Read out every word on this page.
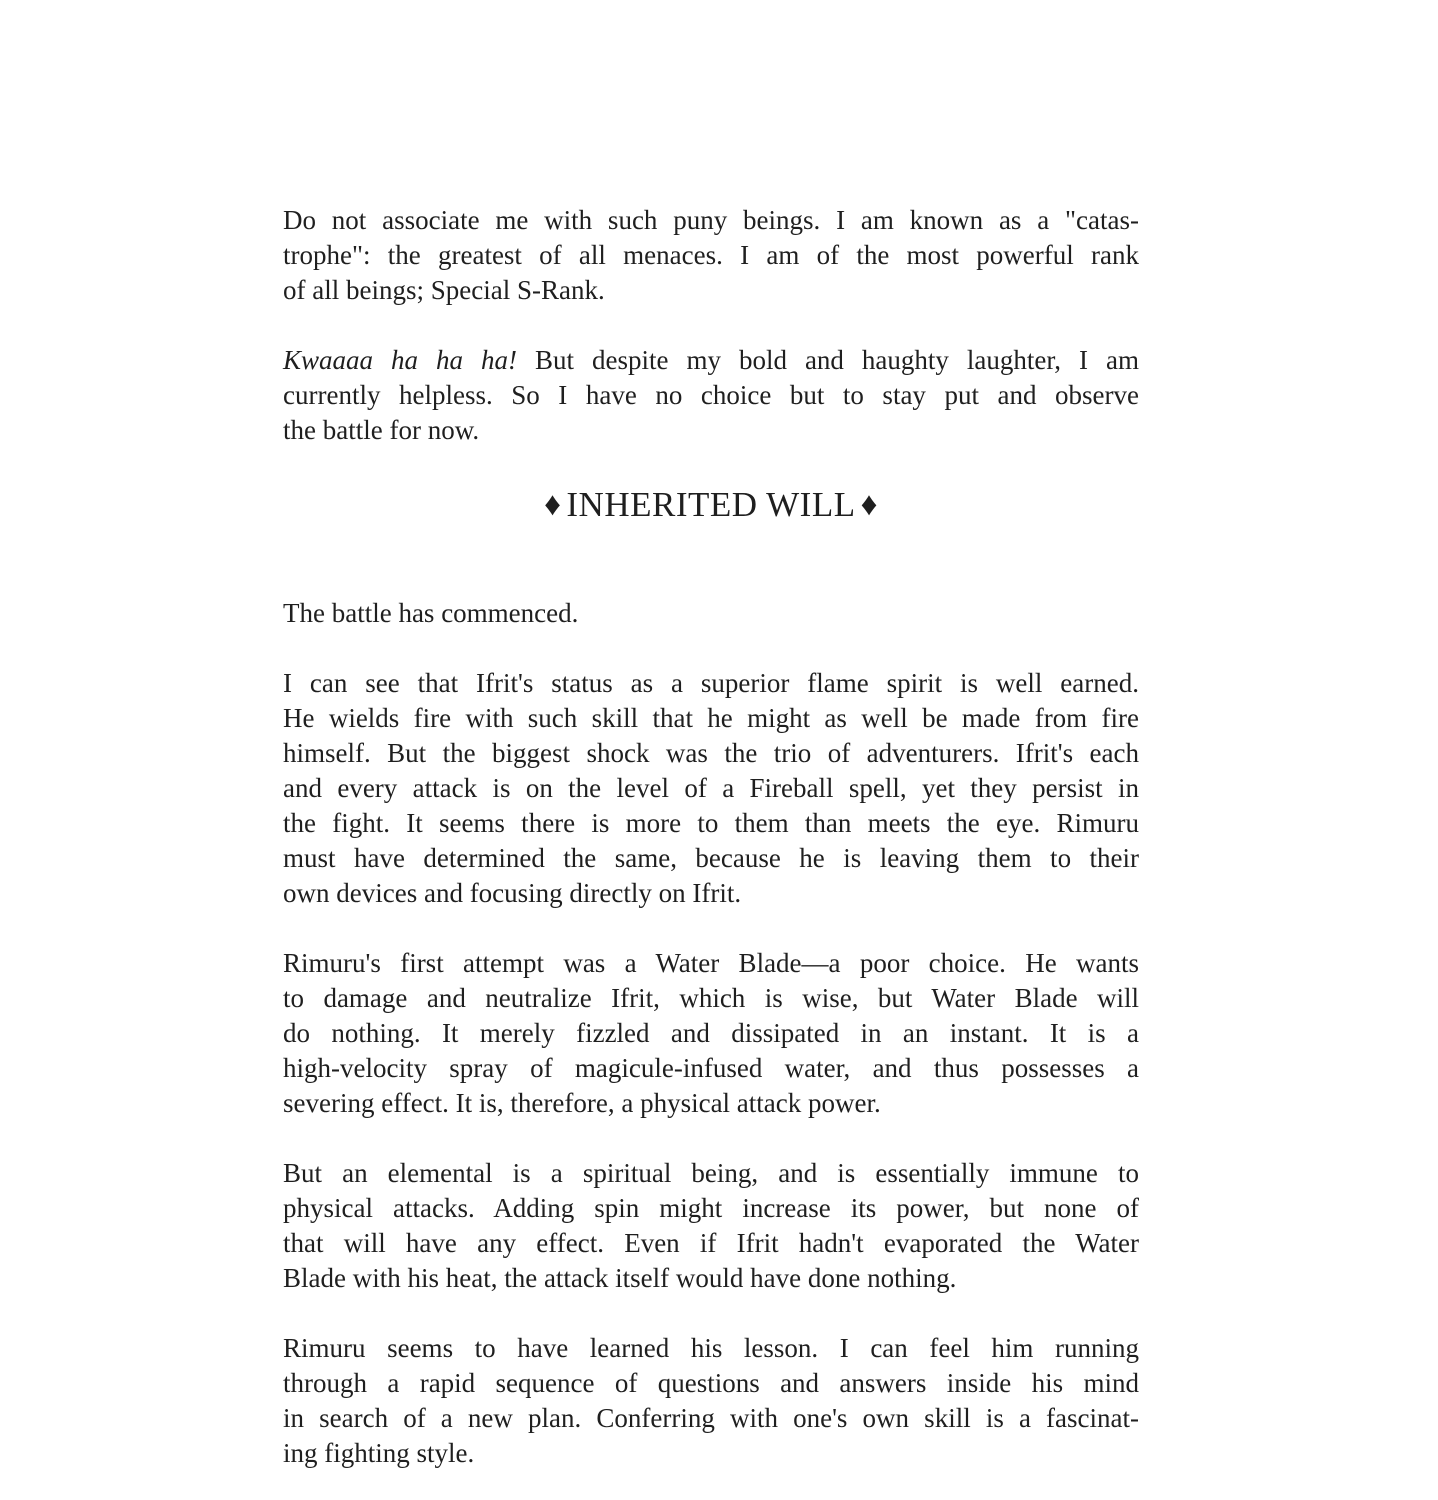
Do not associate me with such puny beings. I am known as a "catas-
trophe": the greatest of all menaces. I am of the most powerful rank
of all beings; Special S-Rank.

Kwaaaa ha ha ha! But despite my bold and haughty laughter, I am
currently helpless. So I have no choice but to stay put and observe
the battle for now.

♦ INHERITED WILL ♦

The battle has commenced.

I can see that Ifrit's status as a superior flame spirit is well earned.
He wields fire with such skill that he might as well be made from fire
himself. But the biggest shock was the trio of adventurers. Ifrit's each
and every attack is on the level of a Fireball spell, yet they persist in
the fight. It seems there is more to them than meets the eye. Rimuru
must have determined the same, because he is leaving them to their
own devices and focusing directly on Ifrit.

Rimuru's first attempt was a Water Blade—a poor choice. He wants
to damage and neutralize Ifrit, which is wise, but Water Blade will
do nothing. It merely fizzled and dissipated in an instant. It is a
high-velocity spray of magicule-infused water, and thus possesses a
severing effect. It is, therefore, a physical attack power.

But an elemental is a spiritual being, and is essentially immune to
physical attacks. Adding spin might increase its power, but none of
that will have any effect. Even if Ifrit hadn't evaporated the Water
Blade with his heat, the attack itself would have done nothing.

Rimuru seems to have learned his lesson. I can feel him running
through a rapid sequence of questions and answers inside his mind
in search of a new plan. Conferring with one's own skill is a fascinat-
ing fighting style.
